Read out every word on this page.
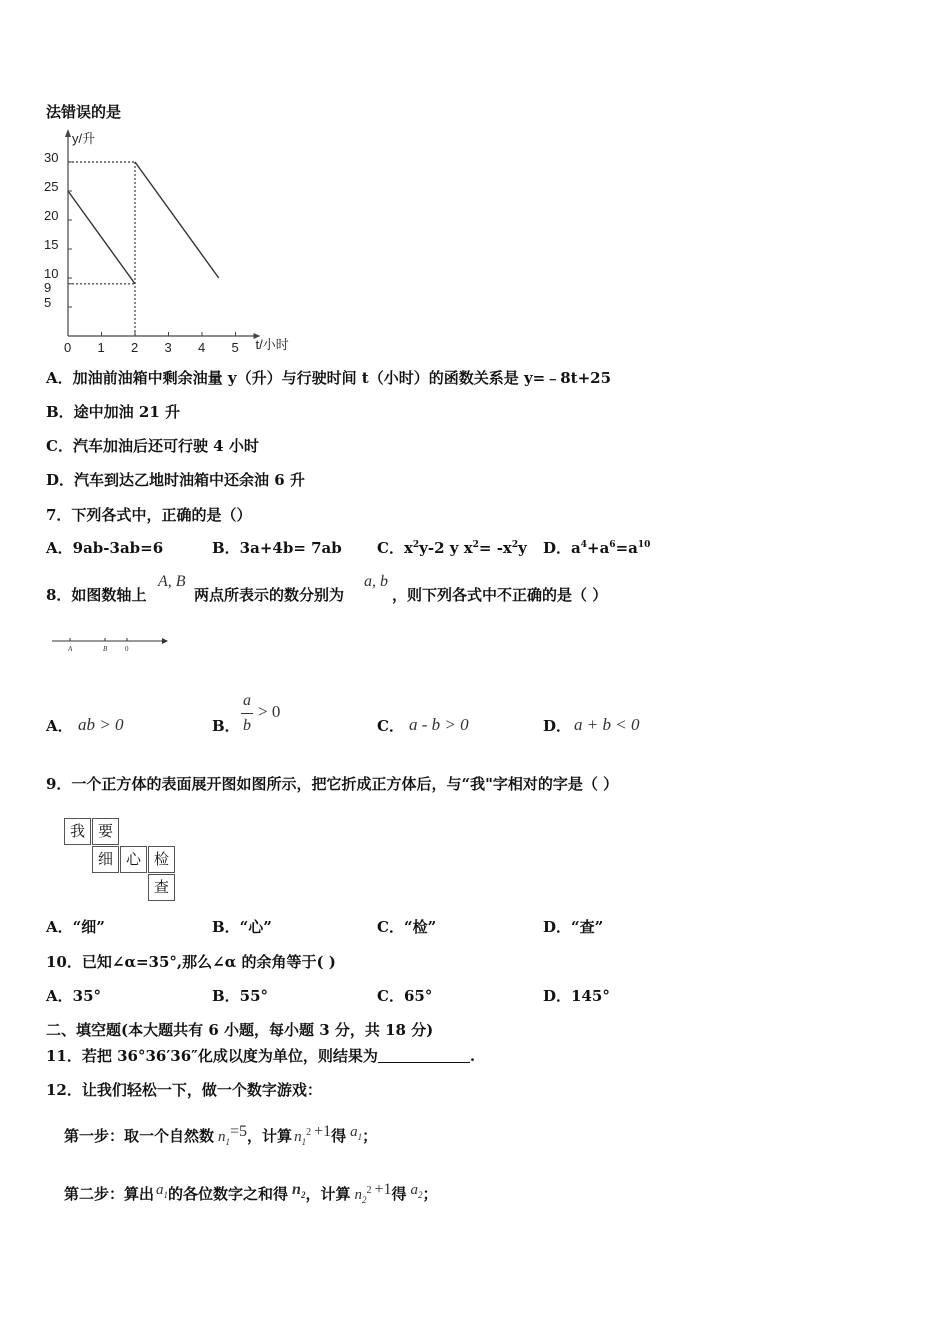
法错误的是
y/升
t/小时
0 1 2 3 4 5
30
25
20
15
10
9
5
A．加油前油箱中剩余油量 y（升）与行驶时间 t（小时）的函数关系是 y=﹣8t+25
B．途中加油 21 升
C．汽车加油后还可行驶 4 小时
D．汽车到达乙地时油箱中还余油 6 升
7．下列各式中，正确的是（）
A．9ab-3ab=6	B．3a+4b= 7ab C．$x^2y-2$ y $x^2= -x^2y$ D．$a^4+a^6=a^{10}$
8．如图数轴上
A, B
两点所表示的数分别为
a, b
，则下列各式中不正确的是（ ）
A	B	0
A． ab > 0	B．
a
b
> 0
C． a - b > 0	D． a + b < 0
9．一个正方体的表面展开图如图所示，把它折成正方体后，与“我"字相对的字是（ ）
我 要
细 心 检
查
A．“细”	B．“心”	C．“检”	D．“查”
10．已知∠α=35°,那么∠α 的余角等于( )
A．35°	B．55°	C．65°	D．145°
二、填空题(本大题共有 6 小题，每小题 3 分，共 18 分)
11．若把 36°36′36″化成以度为单位，则结果为	.
12．让我们轻松一下，做一个数字游戏：
第一步：取一个自然数 $n_1=5$，计算 $n_1^2 +1$得 $a_1$；
第二步：算出 $a_1$的各位数字之和得 $n_2$，计算 $n_2^2 +1$得 $a_2$；
